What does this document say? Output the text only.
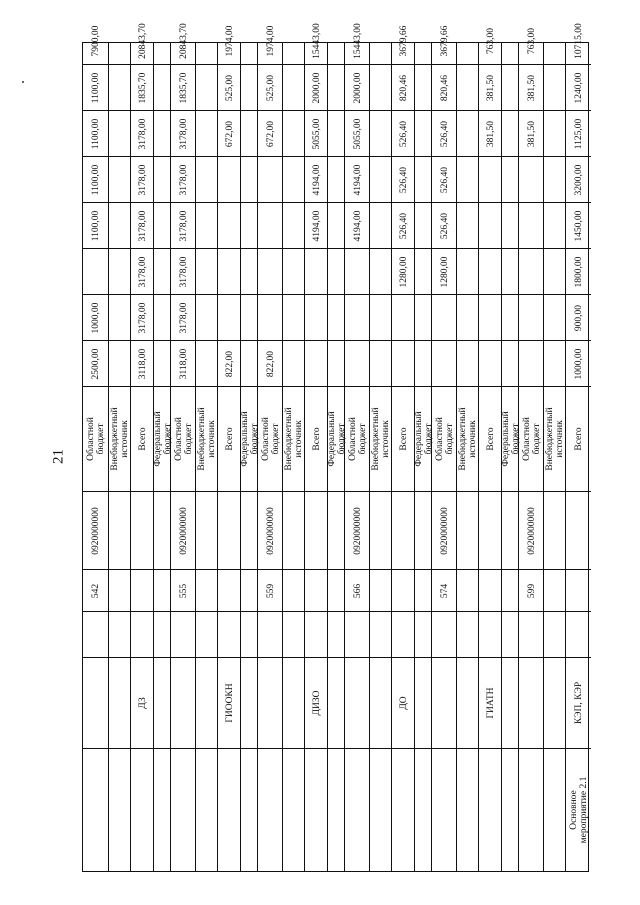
21
542
0920000000
Областной
бюджет
2500,00
1000,00
1100,00
1100,00
1100,00
1100,00
7900,00
Внебюджетный
источник
ДЗ
Всего
3118,00
3178,00
3178,00
3178,00
3178,00
3178,00
1835,70
20843,70
Федеральный
бюджет
555
0920000000
Областной
бюджет
3118,00
3178,00
3178,00
3178,00
3178,00
3178,00
1835,70
20843,70
Внебюджетный
источник
ГИООКН
Всего
822,00
672,00
525,00
1974,00
Федеральный
бюджет
559
0920000000
Областной
бюджет
822,00
672,00
525,00
1974,00
Внебюджетный
источник
ДИЗО
Всего
4194,00
4194,00
5055,00
2000,00
15443,00
Федеральный
бюджет
566
0920000000
Областной
бюджет
4194,00
4194,00
5055,00
2000,00
15443,00
Внебюджетный
источник
ДО
Всего
1280,00
526,40
526,40
526,40
820,46
3679,66
Федеральный
бюджет
574
0920000000
Областной
бюджет
1280,00
526,40
526,40
526,40
820,46
3679,66
Внебюджетный
источник
ГИАТН
Всего
381,50
381,50
763,00
Федеральный
бюджет
599
0920000000
Областной
бюджет
381,50
381,50
763,00
Внебюджетный
источник
Основное
мероприятие 2.1
КЭП, КЭР
Всего
1000,00
900,00
1800,00
1450,00
3200,00
1125,00
1240,00
10715,00
